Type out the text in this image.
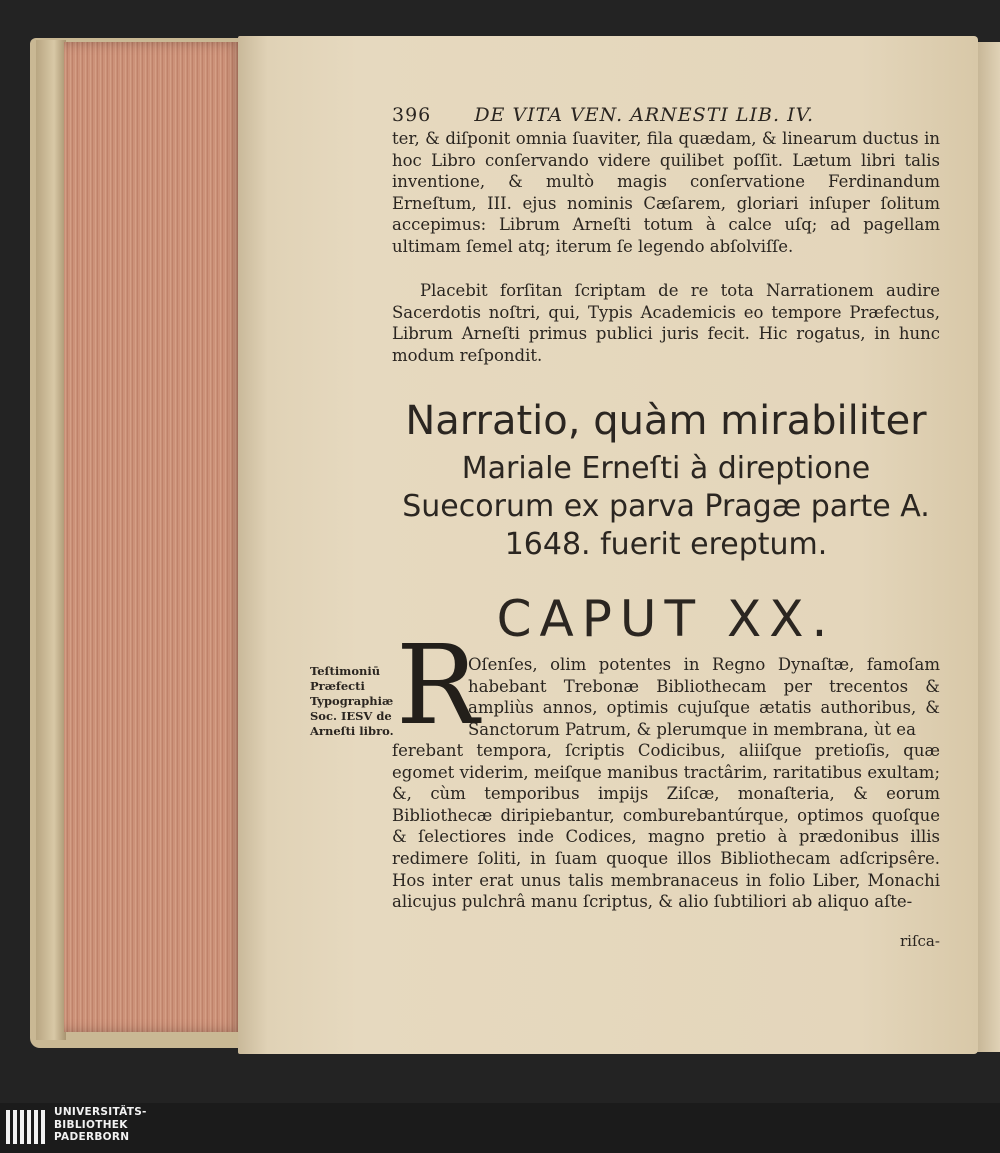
396 DE VITA VEN. ARNESTI LIB. IV.
ter, & diſponit omnia ſuaviter, fila quædam, & linearum ductus in hoc Libro conſervando videre quilibet poſſit. Lætum libri talis inventione, & multò magis conſervatione Ferdinandum Erneſtum, III. ejus nominis Cæſarem, gloriari inſuper ſolitum accepimus: Librum Arneſti totum à calce uſq; ad pagellam ultimam ſemel atq; iterum ſe legendo abſolviſſe.
Placebit forſitan ſcriptam de re tota Narrationem audire Sacerdotis noſtri, qui, Typis Academicis eo tempore Præfectus, Librum Arneſti primus publici juris fecit. Hic rogatus, in hunc modum reſpondit.
Narratio, quàm mirabiliter
Mariale Erneſti à direptione Suecorum ex parva Pragæ parte A. 1648. fuerit ereptum.
CAPUT XX.
Teſtimoniū Præfecti Typographiæ Soc. IESV de Arneſti libro. R
Oſenſes, olim potentes in Regno Dynaſtæ, famoſam habebant Trebonæ Bibliothecam per trecentos & ampliùs annos, optimis cujuſque ætatis authoribus, & Sanctorum Patrum, & plerumque in membrana, ùt ea
ferebant tempora, ſcriptis Codicibus, aliiſque pretioſis, quæ egomet viderim, meiſque manibus tractârim, raritatibus exultam; &, cùm temporibus impijs Ziſcæ, monaſteria, & eorum Bibliothecæ diripiebantur, comburebantúrque, optimos quoſque & ſelectiores inde Codices, magno pretio à prædonibus illis redimere ſoliti, in ſuam quoque illos Bibliothecam adſcripsêre. Hos inter erat unus talis membranaceus in folio Liber, Monachi alicujus pulchrâ manu ſcriptus, & alio ſubtiliori ab aliquo aſte-
riſca-
UNIVERSITÄTS-
BIBLIOTHEK
PADERBORN
